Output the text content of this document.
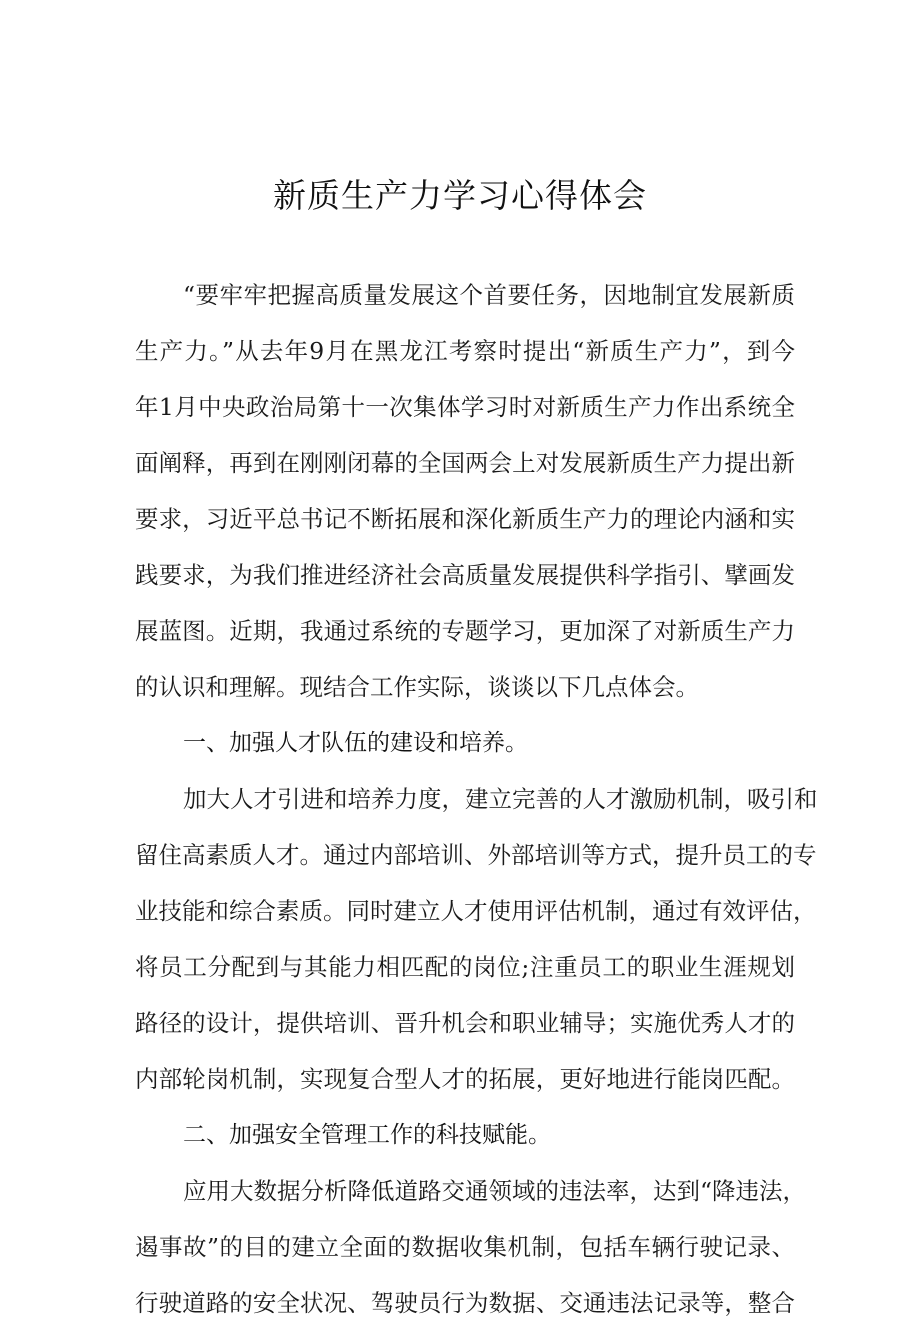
新质生产力学习心得体会
“要牢牢把握高质量发展这个首要任务，因地制宜发展新质
生产力。”从去年9月在黑龙江考察时提出“新质生产力”，到今
年1月中央政治局第十一次集体学习时对新质生产力作出系统全
面阐释，再到在刚刚闭幕的全国两会上对发展新质生产力提出新
要求，习近平总书记不断拓展和深化新质生产力的理论内涵和实
践要求，为我们推进经济社会高质量发展提供科学指引、擘画发
展蓝图。近期，我通过系统的专题学习，更加深了对新质生产力
的认识和理解。现结合工作实际，谈谈以下几点体会。
一、加强人才队伍的建设和培养。
加大人才引进和培养力度，建立完善的人才激励机制，吸引和
留住高素质人才。通过内部培训、外部培训等方式，提升员工的专
业技能和综合素质。同时建立人才使用评估机制，通过有效评估，
将员工分配到与其能力相匹配的岗位;注重员工的职业生涯规划
路径的设计，提供培训、晋升机会和职业辅导；实施优秀人才的
内部轮岗机制，实现复合型人才的拓展，更好地进行能岗匹配。
二、加强安全管理工作的科技赋能。
应用大数据分析降低道路交通领域的违法率，达到“降违法，
遏事故”的目的建立全面的数据收集机制，包括车辆行驶记录、
行驶道路的安全状况、驾驶员行为数据、交通违法记录等，整合
